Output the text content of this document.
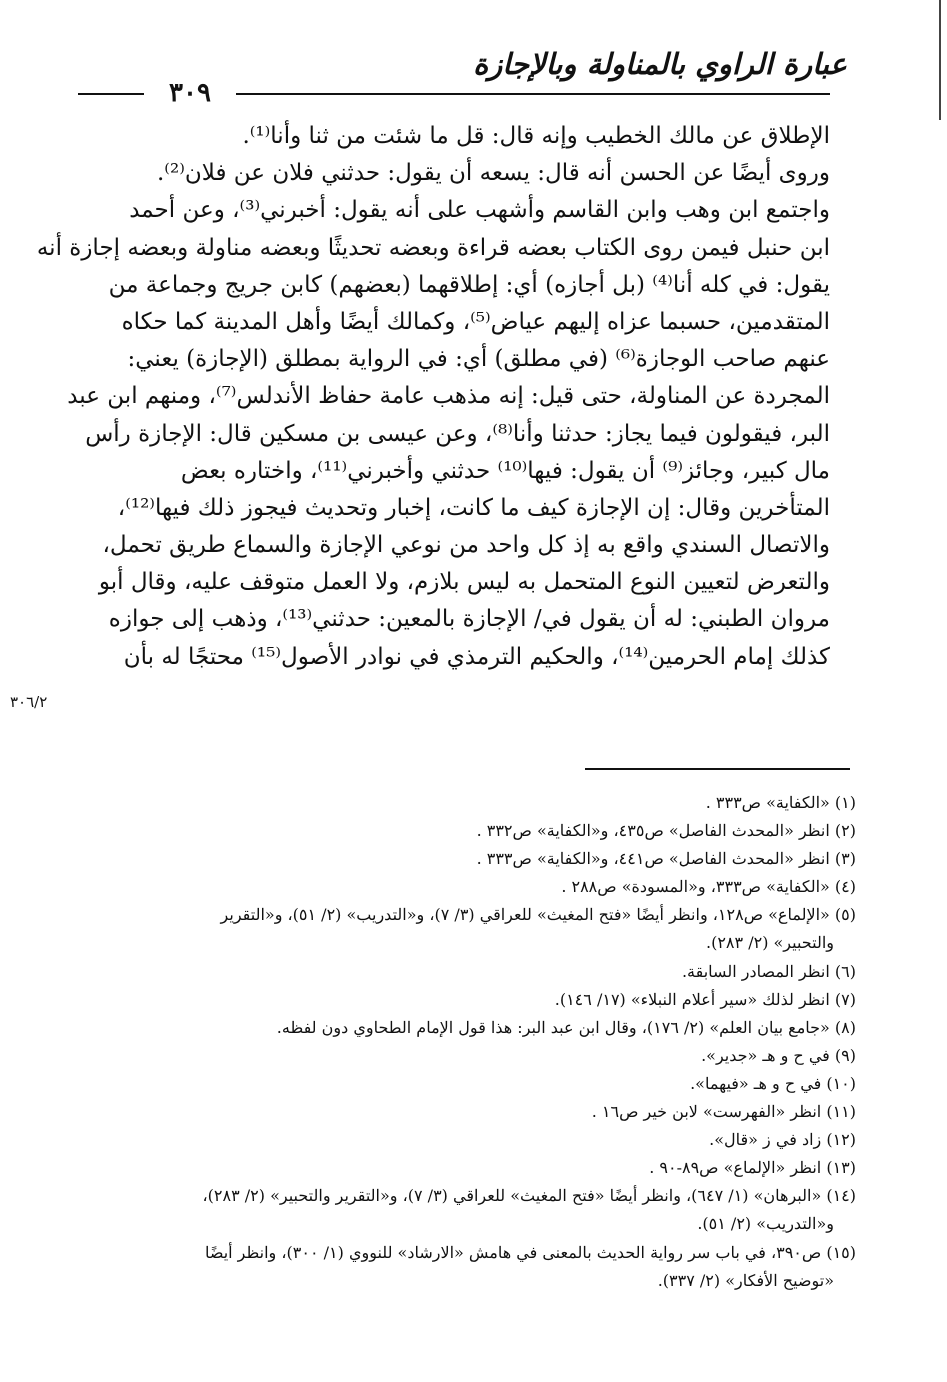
عبارة الراوي بالمناولة وبالإجازة
٣٠٩
الإطلاق عن مالك الخطيب وإنه قال: قل ما شئت من ثنا وأنا⁽¹⁾.
وروى أيضًا عن الحسن أنه قال: يسعه أن يقول: حدثني فلان عن فلان⁽²⁾.
واجتمع ابن وهب وابن القاسم وأشهب على أنه يقول: أخبرني⁽³⁾، وعن أحمد
ابن حنبل فيمن روى الكتاب بعضه قراءة وبعضه تحديثًا وبعضه مناولة وبعضه إجازة أنه
يقول: في كله أنا⁽⁴⁾ (بل أجازه) أي: إطلاقهما (بعضهم) كابن جريج وجماعة من
المتقدمين، حسبما عزاه إليهم عياض⁽⁵⁾، وكمالك أيضًا وأهل المدينة كما حكاه
عنهم صاحب الوجازة⁽⁶⁾ (في مطلق) أي: في الرواية بمطلق (الإجازة) يعني:
المجردة عن المناولة، حتى قيل: إنه مذهب عامة حفاظ الأندلس⁽⁷⁾، ومنهم ابن عبد
البر، فيقولون فيما يجاز: حدثنا وأنا⁽⁸⁾، وعن عيسى بن مسكين قال: الإجازة رأس
مال كبير، وجائز⁽⁹⁾ أن يقول: فيها⁽¹⁰⁾ حدثني وأخبرني⁽¹¹⁾، واختاره بعض
المتأخرين وقال: إن الإجازة كيف ما كانت، إخبار وتحديث فيجوز ذلك فيها⁽¹²⁾،
والاتصال السندي واقع به إذ كل واحد من نوعي الإجازة والسماع طريق تحمل،
والتعرض لتعيين النوع المتحمل به ليس بلازم، ولا العمل متوقف عليه، وقال أبو
مروان الطبني: له أن يقول في/ الإجازة بالمعين: حدثني⁽¹³⁾، وذهب إلى جوازه
كذلك إمام الحرمين⁽¹⁴⁾، والحكيم الترمذي في نوادر الأصول⁽¹⁵⁾ محتجًا له بأن
٣٠٦/٢
(١) «الكفاية» ص٣٣٣ .
(٢) انظر «المحدث الفاصل» ص٤٣٥، و«الكفاية» ص٣٣٢ .
(٣) انظر «المحدث الفاصل» ص٤٤١، و«الكفاية» ص٣٣٣ .
(٤) «الكفاية» ص٣٣٣، و«المسودة» ص٢٨٨ .
(٥) «الإلماع» ص١٢٨، وانظر أيضًا «فتح المغيث» للعراقي (٣/ ٧)، و«التدريب» (٢/ ٥١)، و«التقرير
والتحبير» (٢/ ٢٨٣).
(٦) انظر المصادر السابقة.
(٧) انظر لذلك «سير أعلام النبلاء» (١٧/ ١٤٦).
(٨) «جامع بيان العلم» (٢/ ١٧٦)، وقال ابن عبد البر: هذا قول الإمام الطحاوي دون لفظه.
(٩) في ح و هـ «جدير».
(١٠) في ح و هـ «فيهما».
(١١) انظر «الفهرست» لابن خير ص١٦ .
(١٢) زاد في ز «قال».
(١٣) انظر «الإلماع» ص٨٩-٩٠ .
(١٤) «البرهان» (١/ ٦٤٧)، وانظر أيضًا «فتح المغيث» للعراقي (٣/ ٧)، و«التقرير والتحبير» (٢/ ٢٨٣)،
و«التدريب» (٢/ ٥١).
(١٥) ص٣٩٠، في باب سر رواية الحديث بالمعنى في هامش «الارشاد» للنووي (١/ ٣٠٠)، وانظر أيضًا
«توضيح الأفكار» (٢/ ٣٣٧).
